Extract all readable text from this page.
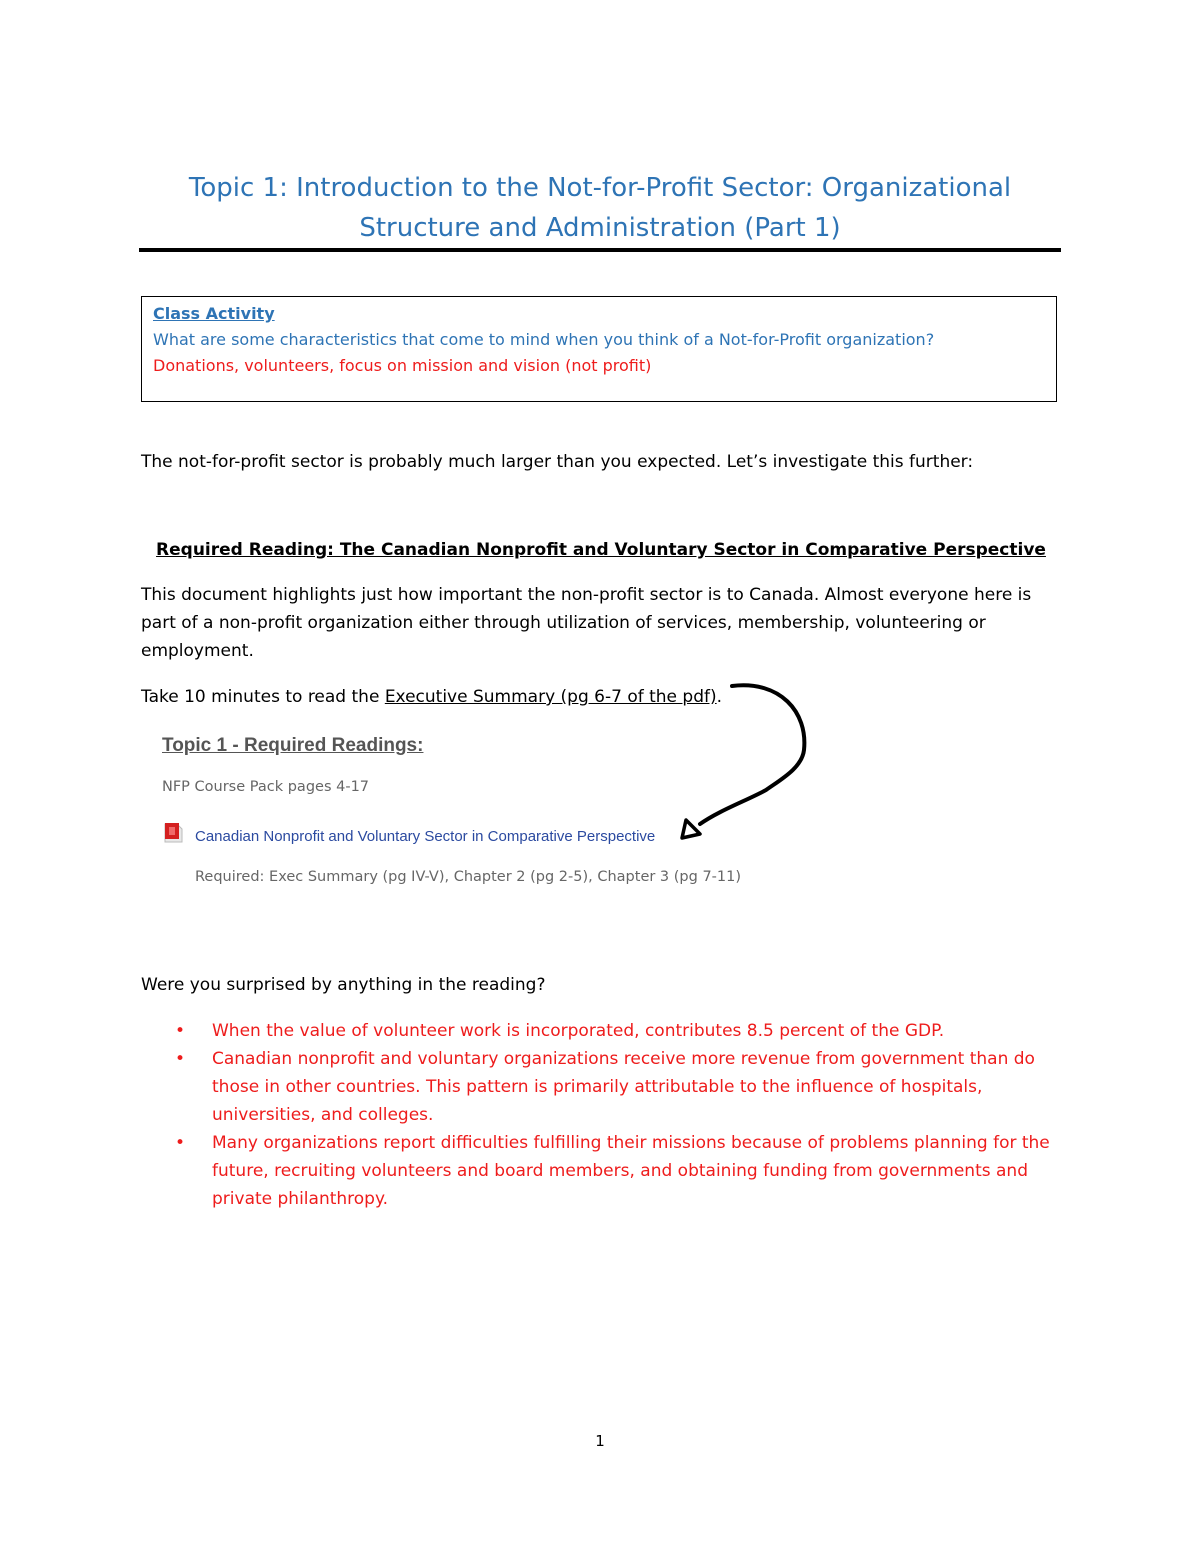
Topic 1: Introduction to the Not-for-Profit Sector: Organizational
Structure and Administration (Part 1)
Class Activity
What are some characteristics that come to mind when you think of a Not-for-Profit organization?
Donations, volunteers, focus on mission and vision (not profit)
The not-for-profit sector is probably much larger than you expected. Let’s investigate this further:
Required Reading: The Canadian Nonprofit and Voluntary Sector in Comparative Perspective
This document highlights just how important the non-profit sector is to Canada. Almost everyone here is part of a non-profit organization either through utilization of services, membership, volunteering or employment.
Take 10 minutes to read the Executive Summary (pg 6-7 of the pdf).
Topic 1 - Required Readings:
NFP Course Pack pages 4-17
Canadian Nonprofit and Voluntary Sector in Comparative Perspective
Required: Exec Summary (pg IV-V), Chapter 2 (pg 2-5), Chapter 3 (pg 7-11)
Were you surprised by anything in the reading?
• When the value of volunteer work is incorporated, contributes 8.5 percent of the GDP.
• Canadian nonprofit and voluntary organizations receive more revenue from government than do those in other countries. This pattern is primarily attributable to the influence of hospitals, universities, and colleges.
• Many organizations report difficulties fulfilling their missions because of problems planning for the future, recruiting volunteers and board members, and obtaining funding from governments and private philanthropy.
1
